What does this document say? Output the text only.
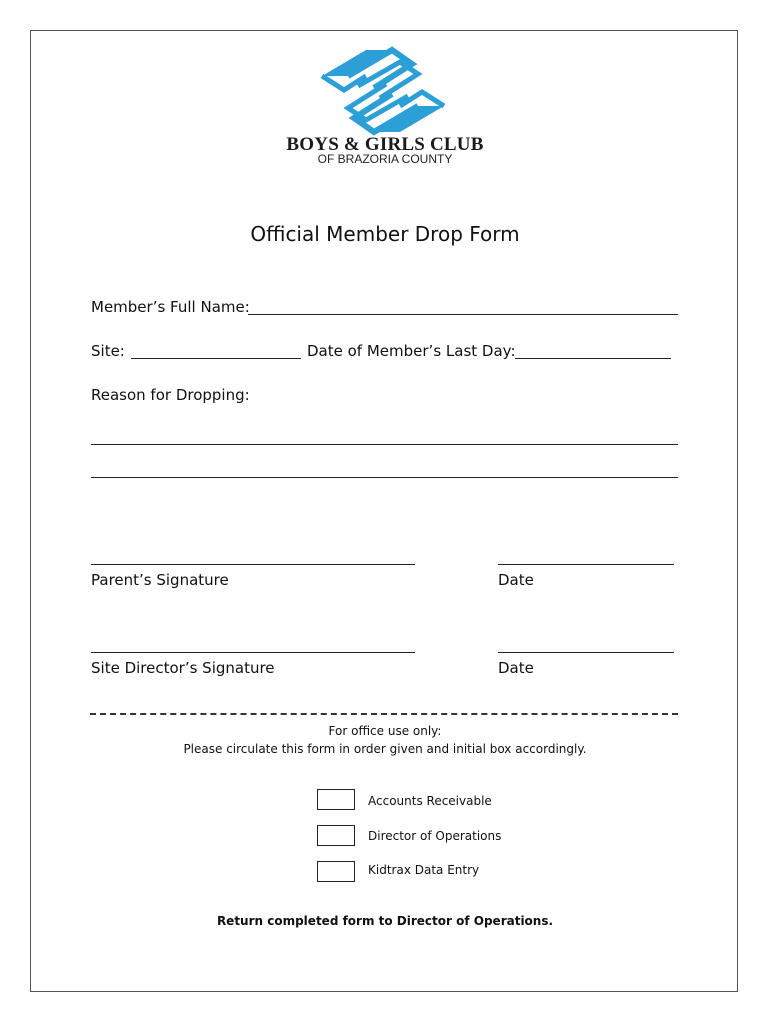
BOYS & GIRLS CLUB
OF BRAZORIA COUNTY
Official Member Drop Form
Member’s Full Name:
Site:	Date of Member’s Last Day:
Reason for Dropping:
Parent’s Signature	Date
Site Director’s Signature	Date
For office use only:
Please circulate this form in order given and initial box accordingly.
Accounts Receivable
Director of Operations
Kidtrax Data Entry
Return completed form to Director of Operations.
